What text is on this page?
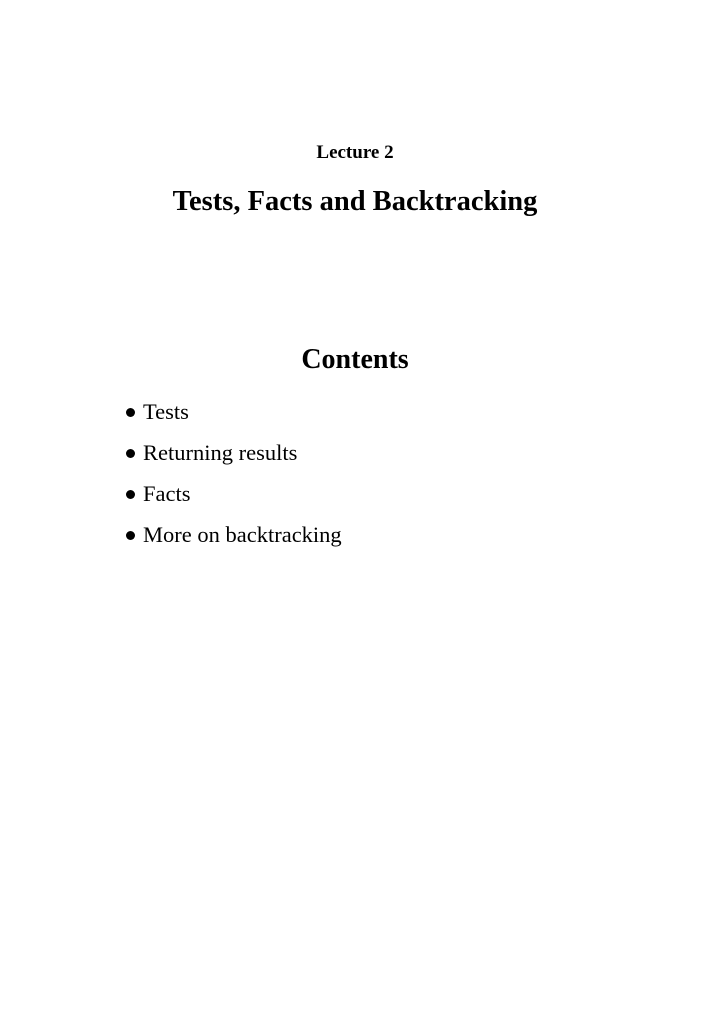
Lecture 2
Tests, Facts and Backtracking
Contents
Tests
Returning results
Facts
More on backtracking
